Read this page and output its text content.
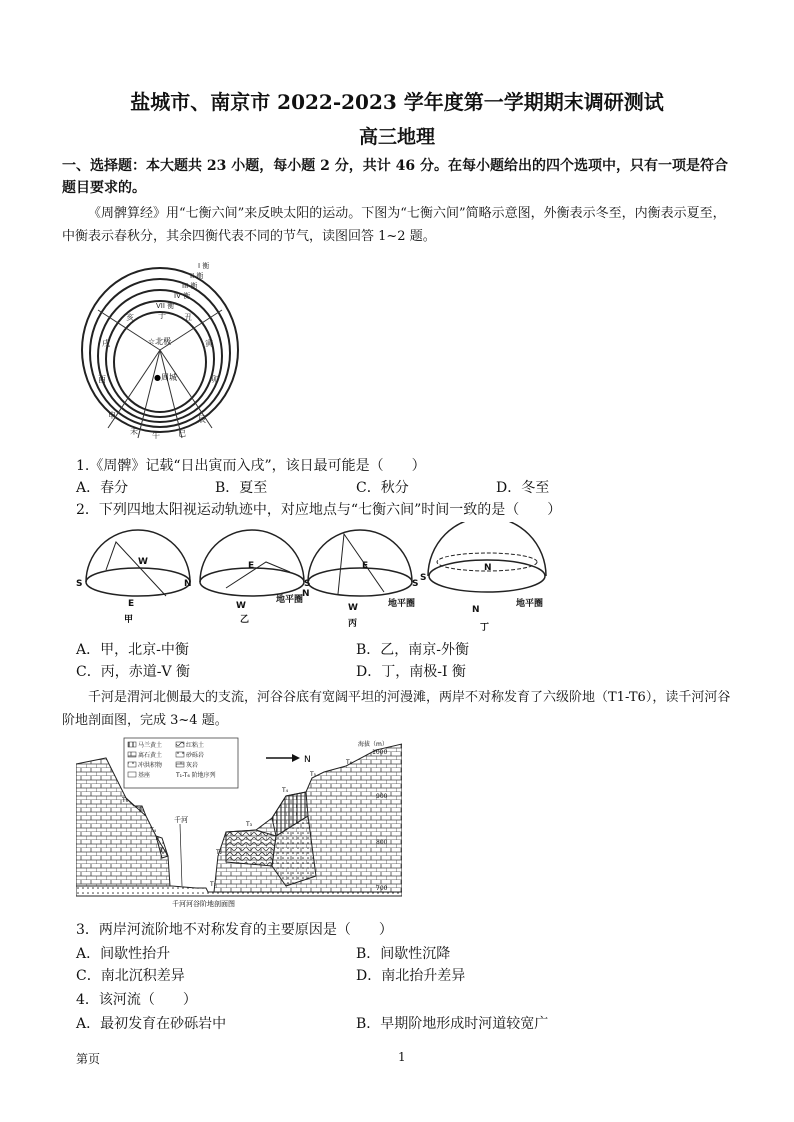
盐城市、南京市 2022-2023 学年度第一学期期末调研测试
高三地理
一、选择题：本大题共 23 小题，每小题 2 分，共计 46 分。在每小题给出的四个选项中，只有一项是符合题目要求的。
《周髀算经》用“七衡六间”来反映太阳的运动。下图为“七衡六间”简略示意图，外衡表示冬至，内衡表示夏至，中衡表示春秋分，其余四衡代表不同的节气，读图回答 1~2 题。
☆北极
●周城
I 衡
II 衡
III 衡
IV 衡
VII 衡
子 丑
寅
卯
辰
巳
午
未
申
酉
戌
亥
1.《周髀》记载“日出寅而入戌”，该日最可能是（　　）
A．春分	B．夏至	C．秋分	D．冬至
2．下列四地太阳视运动轨迹中，对应地点与“七衡六间”时间一致的是（　　）
S	N
W
E
甲
S
E
W
地平圈
乙
N
S
E
W	地平圈
丙
S
N
N
地平圈
丁
A．甲，北京-中衡	B．乙，南京-外衡
C．丙，赤道-V 衡	D．丁，南极-I 衡
千河是渭河北侧最大的支流，河谷谷底有宽阔平坦的河漫滩，两岸不对称发育了六级阶地（T1-T6），读千河河谷阶地剖面图，完成 3~4 题。
马兰黄土	红粘土
离石黄土	砂砾岩
冲洪积物	灰岩
基座	T₁-T₆ 阶地序列
N
海拔（m）
1000
900
800
700
T₆
T₅
T₄
T₃
T₁
T₂
T₃
T₄
T₅
T₆
千河
千河河谷阶地剖面图
3．两岸河流阶地不对称发育的主要原因是（　　）
A．间歇性抬升	B．间歇性沉降
C．南北沉积差异	D．南北抬升差异
4．该河流（　　）
A．最初发育在砂砾岩中	B．早期阶地形成时河道较宽广
第页	1
